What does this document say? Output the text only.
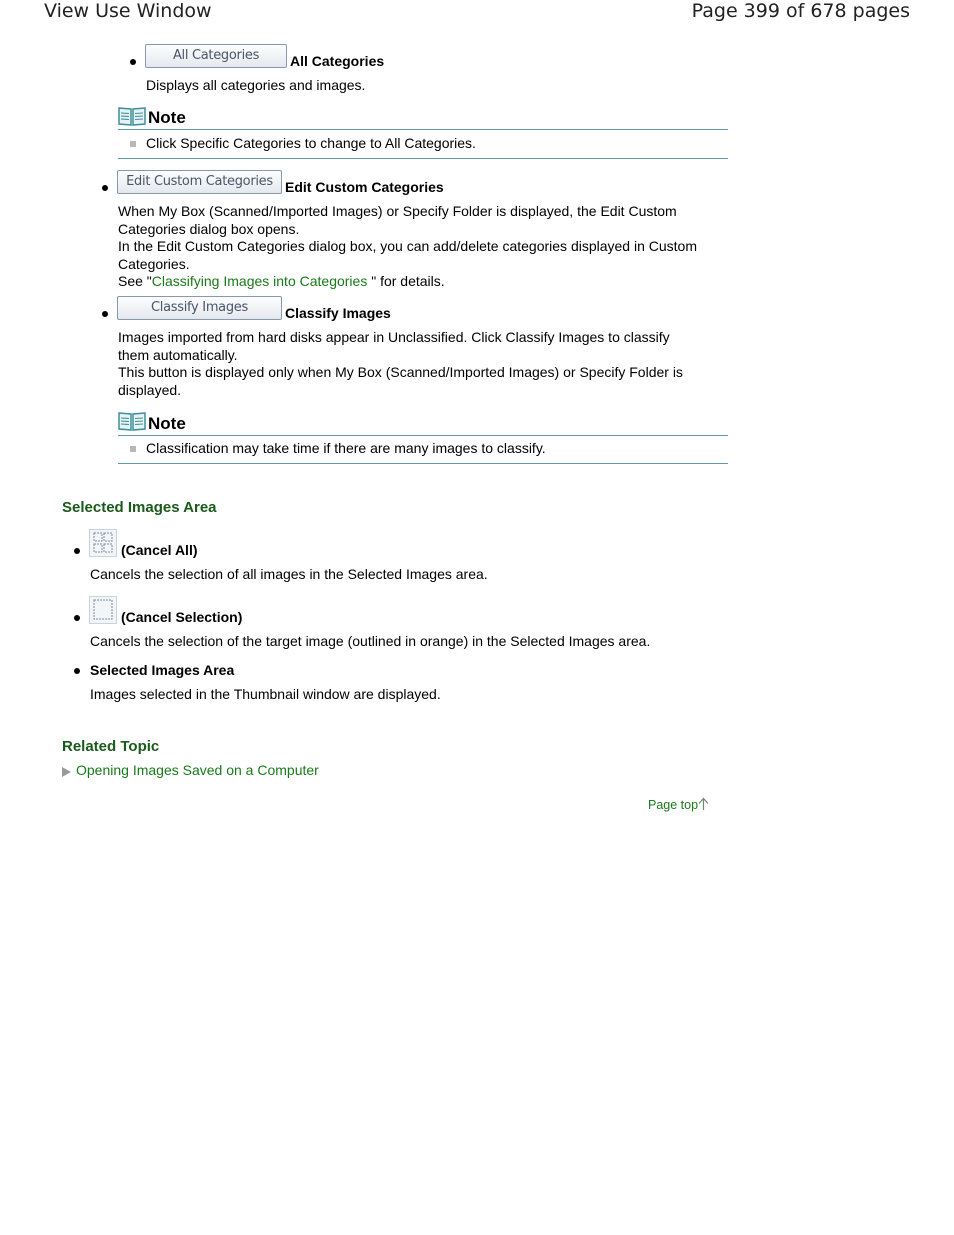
View Use Window	Page 399 of 678 pages
All Categories	All Categories
Displays all categories and images.
Note
Click Specific Categories to change to All Categories.
Edit Custom Categories Edit Custom Categories
When My Box (Scanned/Imported Images) or Specify Folder is displayed, the Edit Custom
Categories dialog box opens.
In the Edit Custom Categories dialog box, you can add/delete categories displayed in Custom
Categories.
See "Classifying Images into Categories " for details.
Classify Images	Classify Images
Images imported from hard disks appear in Unclassified. Click Classify Images to classify
them automatically.
This button is displayed only when My Box (Scanned/Imported Images) or Specify Folder is
displayed.
Note
Classification may take time if there are many images to classify.
Selected Images Area
(Cancel All)
Cancels the selection of all images in the Selected Images area.
(Cancel Selection)
Cancels the selection of the target image (outlined in orange) in the Selected Images area.
Selected Images Area
Images selected in the Thumbnail window are displayed.
Related Topic
Opening Images Saved on a Computer
Page top
